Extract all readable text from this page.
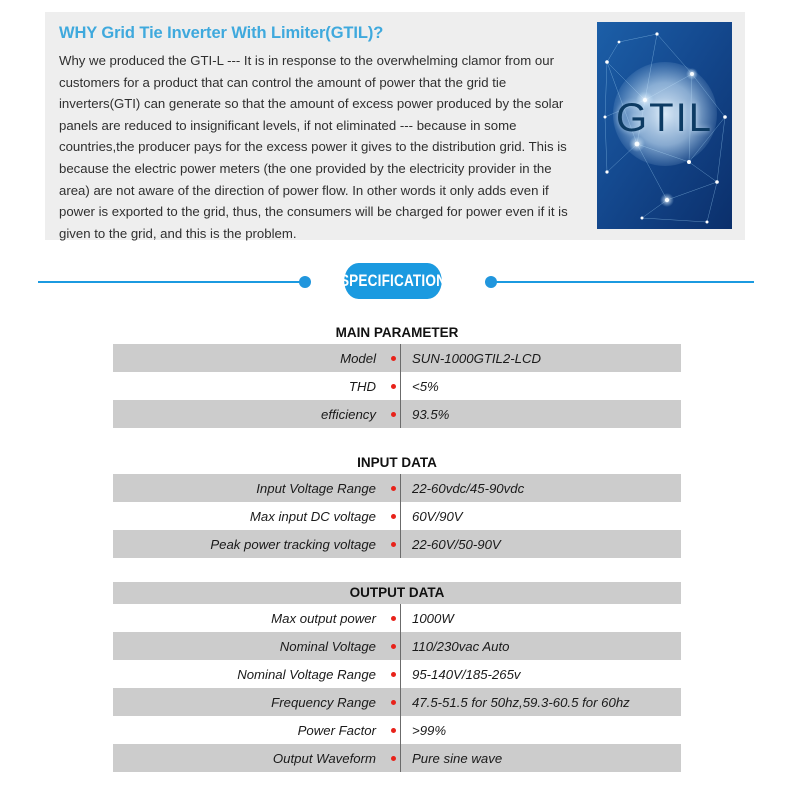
WHY Grid Tie Inverter With Limiter(GTIL)?

Why we produced the GTI-L --- It is in response to the overwhelming clamor from our customers for a product that can control the amount of power that the grid tie inverters(GTI) can generate so that the amount of excess power produced by the solar panels are reduced to insignificant levels, if not eliminated --- because in some countries,the producer pays for the excess power it gives to the distribution grid. This is because the electric power meters (the one provided by the electricity provider in the area) are not aware of the direction of power flow. In other words it only adds even if power is exported to the grid, thus, the consumers will be charged for power even if it is given to the grid, and this is the problem.

GTIL
SPECIFICATION
MAIN PARAMETER
Model	SUN-1000GTIL2-LCD
THD	<5%
efficiency	93.5%
INPUT DATA
Input Voltage Range	22-60vdc/45-90vdc
Max input DC voltage	60V/90V
Peak power tracking voltage	22-60V/50-90V
OUTPUT DATA
Max output power	1000W
Nominal Voltage	110/230vac Auto
Nominal Voltage Range	95-140V/185-265v
Frequency Range	47.5-51.5 for 50hz,59.3-60.5 for 60hz
Power Factor	>99%
Output Waveform	Pure sine wave
